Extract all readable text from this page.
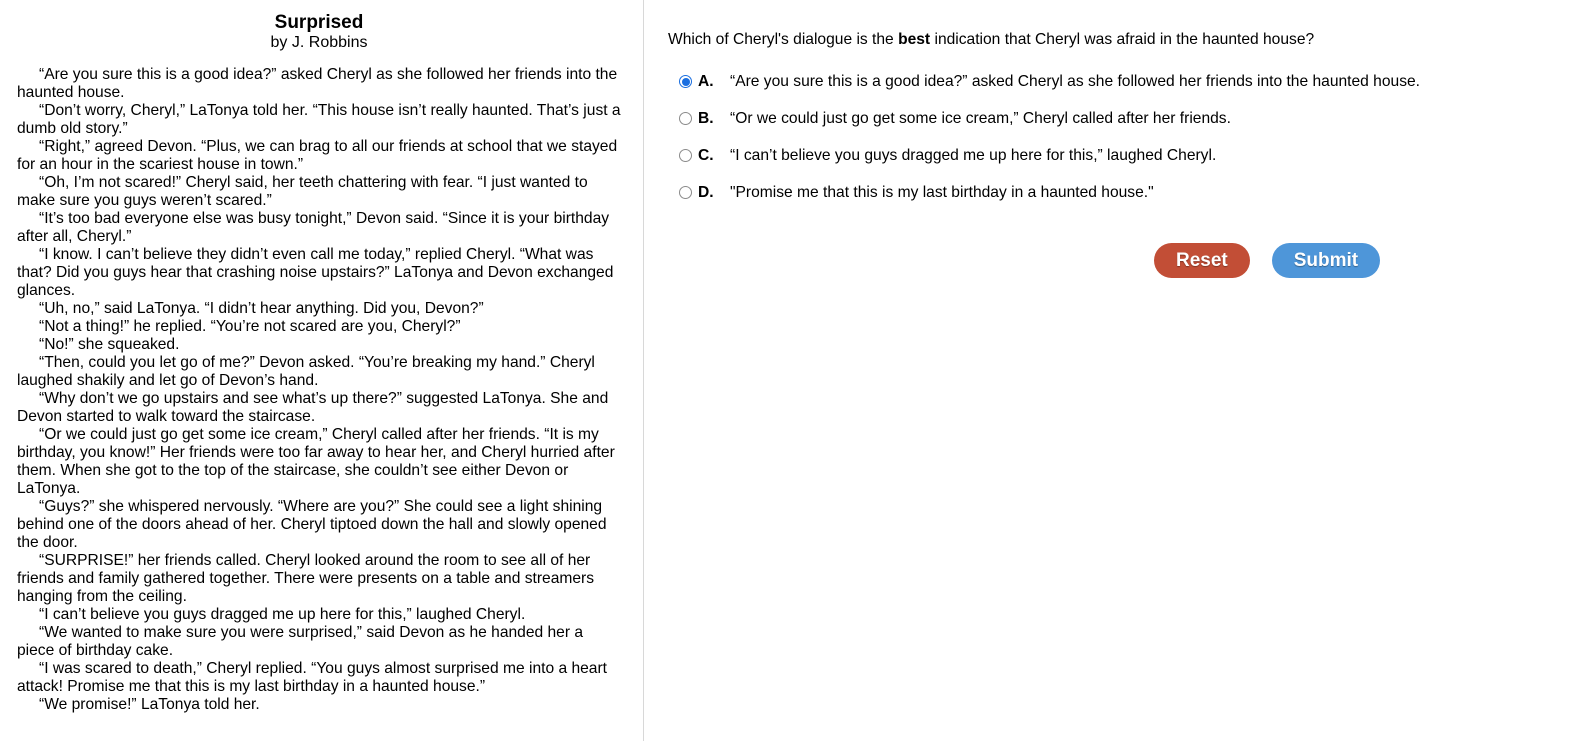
Surprised
by J. Robbins

“Are you sure this is a good idea?” asked Cheryl as she followed her friends into the haunted house.

“Don’t worry, Cheryl,” LaTonya told her. “This house isn’t really haunted. That’s just a dumb old story.”

“Right,” agreed Devon. “Plus, we can brag to all our friends at school that we stayed for an hour in the scariest house in town.”

“Oh, I’m not scared!” Cheryl said, her teeth chattering with fear. “I just wanted to make sure you guys weren’t scared.”

“It’s too bad everyone else was busy tonight,” Devon said. “Since it is your birthday after all, Cheryl.”

“I know. I can’t believe they didn’t even call me today,” replied Cheryl. “What was that? Did you guys hear that crashing noise upstairs?” LaTonya and Devon exchanged glances.

“Uh, no,” said LaTonya. “I didn’t hear anything. Did you, Devon?”

“Not a thing!” he replied. “You’re not scared are you, Cheryl?”

“No!” she squeaked.

“Then, could you let go of me?” Devon asked. “You’re breaking my hand.” Cheryl laughed shakily and let go of Devon’s hand.

“Why don’t we go upstairs and see what’s up there?” suggested LaTonya. She and Devon started to walk toward the staircase.

“Or we could just go get some ice cream,” Cheryl called after her friends. “It is my birthday, you know!” Her friends were too far away to hear her, and Cheryl hurried after them. When she got to the top of the staircase, she couldn’t see either Devon or LaTonya.

“Guys?” she whispered nervously. “Where are you?” She could see a light shining behind one of the doors ahead of her. Cheryl tiptoed down the hall and slowly opened the door.

“SURPRISE!” her friends called. Cheryl looked around the room to see all of her friends and family gathered together. There were presents on a table and streamers hanging from the ceiling.

“I can’t believe you guys dragged me up here for this,” laughed Cheryl.

“We wanted to make sure you were surprised,” said Devon as he handed her a piece of birthday cake.

“I was scared to death,” Cheryl replied. “You guys almost surprised me into a heart attack! Promise me that this is my last birthday in a haunted house.”

“We promise!” LaTonya told her.

Which of Cheryl's dialogue is the best indication that Cheryl was afraid in the haunted house?

A.	“Are you sure this is a good idea?” asked Cheryl as she followed her friends into the haunted house.
B.	“Or we could just go get some ice cream,” Cheryl called after her friends.
C.	“I can’t believe you guys dragged me up here for this,” laughed Cheryl.
D.	"Promise me that this is my last birthday in a haunted house."
Reset	Submit
